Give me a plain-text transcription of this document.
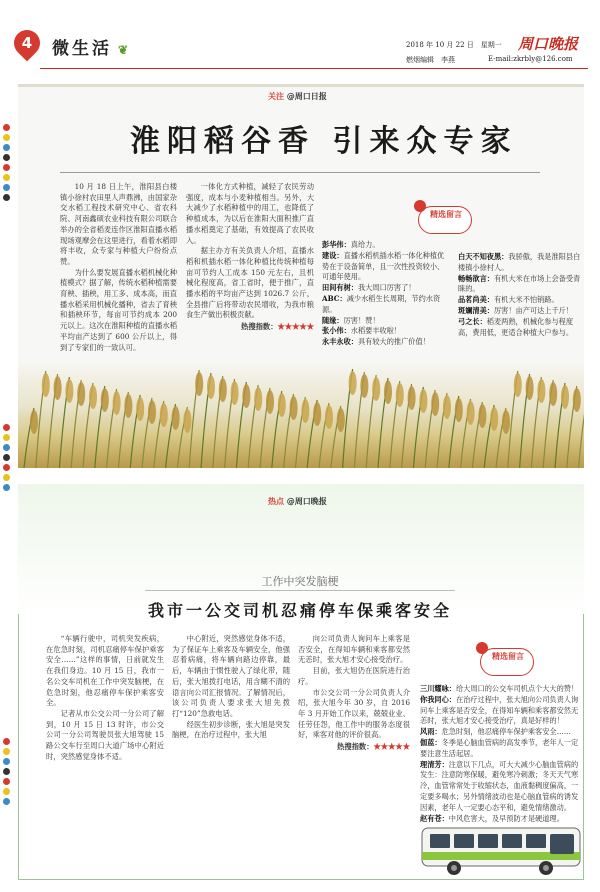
4	微生活 ❦	2018 年 10 月 22 日　星期一
燃烟编辑　李燕
周口晚报
E-mail:zkrbly@126.com
关注 @周口日报
淮阳稻谷香 引来众专家

10 月 18 日上午，淮阳县白楼镇小徐村农田里人声鼎沸，由国家杂交水稻工程技术研究中心、省农科院、河南鑫硕农业科技有限公司联合举办的全省稻麦连作区淮阳直播水稻现场观摩会在这里进行，看着水稻即将丰收，众专家与种植大户纷纷点赞。

为什么要发展直播水稻机械化种植模式？据了解，传统水稻种植需要育秧、插秧，用工多、成本高，而直播水稻采用机械化播种，省去了育秧和插秧环节，每亩可节约成本 200 元以上。这次在淮阳种植的直播水稻平均亩产达到了 600 公斤以上，得到了专家们的一致认可。

一体化方式种植，减轻了农民劳动强度，成本与小麦种植相当。另外，大大减少了水稻种植中的用工，也降低了种植成本，为以后在淮阳大面积推广直播水稻奠定了基础，有效提高了农民收入。

据主办方有关负责人介绍，直播水稻和机插水稻一体化种植比传统种植每亩可节约人工成本 150 元左右，且机械化程度高，省工省时，便于推广，直播水稻的平均亩产达到 1026.7 公斤，全县推广后将带动农民增收，为我市粮食生产做出积极贡献。

热搜指数：★★★★★
精选留言
彭华伟：真给力。
建设：直播水稻机插水稻一体化种植优势在于设备简单，且一次性投资较小、可通年使用。
田间有树：我大周口厉害了！
ABC：减少水稻生长周期，节约水资源。
随缘：厉害！赞！
张小伟：水稻要丰收啦！
永丰永收：具有较大的推广价值！
白天不知夜黑：我骄傲，我是淮阳县白楼镇小徐村人。
畅畅欲言：有机大米在市场上会备受青睐的。
品茗尚美：有机大米不怕销路。
斑斓清美：厉害！亩产可达上千斤！
弓之长：稻麦两熟，机械化参与程度高，费用低，更适合种植大户参与。
热点 @周口晚报
工作中突发脑梗
我市一公交司机忍痛停车保乘客安全

“车辆行驶中，司机突发疾病，在危急时刻，司机忍痛停车保护乘客安全……”这样的事情，日前就发生在我们身边。10 月 15 日，我市一名公交车司机在工作中突发脑梗，在危急时刻，他忍痛停车保护乘客安全。

记者从市公交公司一分公司了解到，10 月 15 日 13 时许，市公交公司一分公司驾驶员张大旭驾驶 15 路公交车行至周口大道广场中心附近时，突然感觉身体不适。

中心附近，突然感觉身体不适，为了保证车上乘客及车辆安全，他强忍着病痛，将车辆向路边停靠，最后，车辆由于惯性驶入了绿化带，随后，张大旭拨打电话，用含糊不清的语言向公司汇报情况。了解情况后，该公司负责人要求张大旭先拨打“120”急救电话。

经医生初步诊断，张大旭是突发脑梗，在治疗过程中，张大旭

向公司负责人询问车上乘客是否安全，在得知车辆和乘客都安然无恙时，张大旭才安心接受治疗。

目前，张大旭仍在医院进行治疗。

市公交公司一分公司负责人介绍，张大旭今年 30 岁，自 2016 年 3 月开始工作以来，兢兢业业、任劳任怨，他工作中的服务态度很好，乘客对他的评价很高。

热搜指数：★★★★★
精选留言
三川耀咏：给大周口的公交车司机点个大大的赞！
你我同心：在治疗过程中，张大旭向公司负责人询问车上乘客是否安全，在得知车辆和乘客都安然无恙时，张大旭才安心接受治疗，真是好样的！
风雨：危急时刻，他忍痛停车保护乘客安全……
伽蓝：冬季是心脑血管病的高发季节，老年人一定要注意生活起居。
理清芳：注意以下几点，可大大减少心脑血管病的发生：注意防寒保暖，避免寒冷刺激；冬天天气寒冷，血管常常处于收缩状态，血液黏稠度偏高，一定要多喝水；另外情绪波动也是心脑血管病的诱发因素，老年人一定要心态平和，避免情绪激动。
赵有苍：中风危害大，及早预防才是硬道理。
